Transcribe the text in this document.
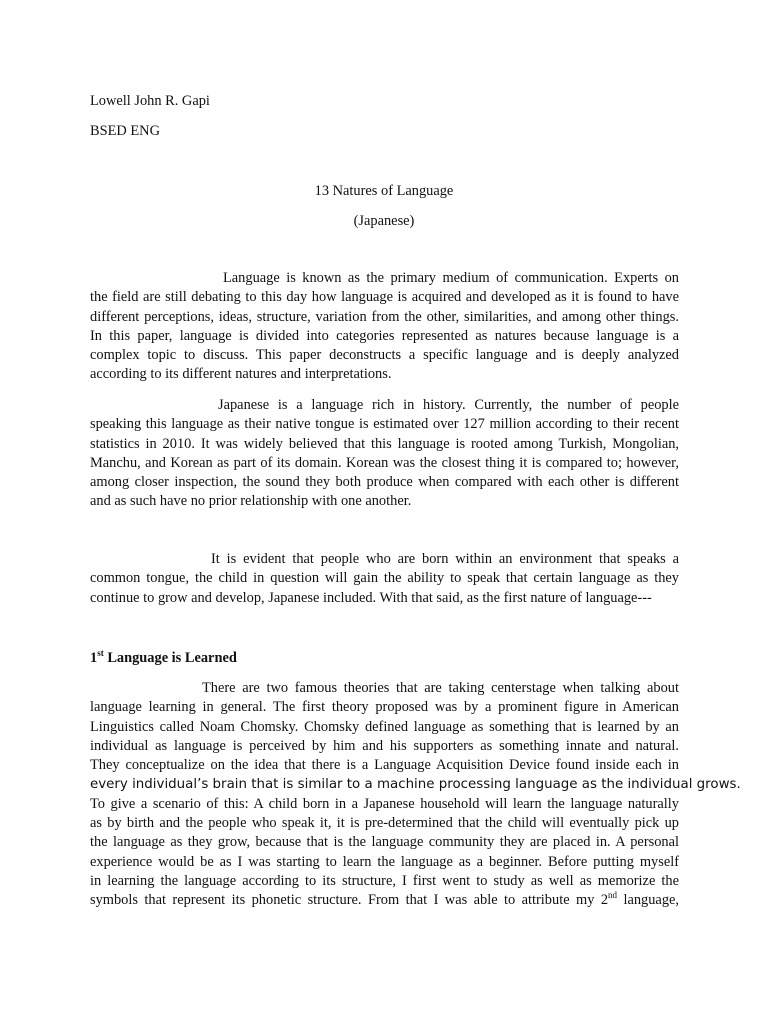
Lowell John R. Gapi

BSED ENG

13 Natures of Language

(Japanese)

Language is known as the primary medium of communication. Experts on
the field are still debating to this day how language is acquired and developed as it is found to have
different perceptions, ideas, structure, variation from the other, similarities, and among other things.
In this paper, language is divided into categories represented as natures because language is a
complex topic to discuss. This paper deconstructs a specific language and is deeply analyzed
according to its different natures and interpretations.
Japanese is a language rich in history. Currently, the number of people
speaking this language as their native tongue is estimated over 127 million according to their recent
statistics in 2010. It was widely believed that this language is rooted among Turkish, Mongolian,
Manchu, and Korean as part of its domain. Korean was the closest thing it is compared to; however,
among closer inspection, the sound they both produce when compared with each other is different
and as such have no prior relationship with one another.
It is evident that people who are born within an environment that speaks a
common tongue, the child in question will gain the ability to speak that certain language as they
continue to grow and develop, Japanese included. With that said, as the first nature of language---

1st Language is Learned

There are two famous theories that are taking centerstage when talking about
language learning in general. The first theory proposed was by a prominent figure in American
Linguistics called Noam Chomsky. Chomsky defined language as something that is learned by an
individual as language is perceived by him and his supporters as something innate and natural.
They conceptualize on the idea that there is a Language Acquisition Device found inside each in
every individual’s brain that is similar to a machine processing language as the individual grows.
To give a scenario of this: A child born in a Japanese household will learn the language naturally
as by birth and the people who speak it, it is pre-determined that the child will eventually pick up
the language as they grow, because that is the language community they are placed in. A personal
experience would be as I was starting to learn the language as a beginner. Before putting myself
in learning the language according to its structure, I first went to study as well as memorize the
symbols that represent its phonetic structure. From that I was able to attribute my 2nd language,
